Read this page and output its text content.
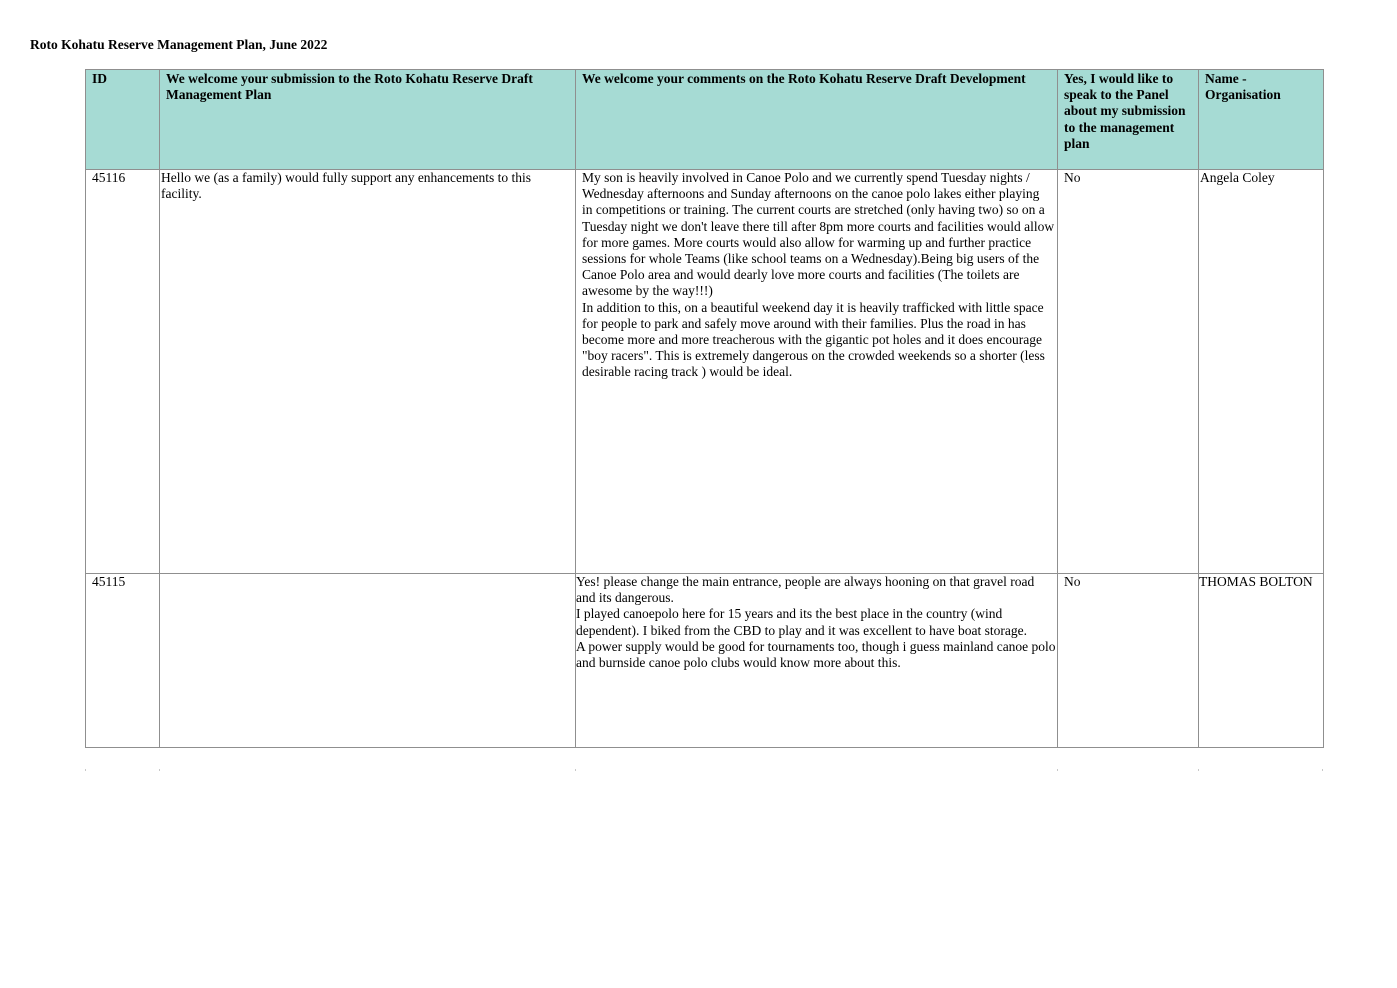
Roto Kohatu Reserve Management Plan, June 2022
ID	We welcome your submission to the Roto Kohatu Reserve Draft Management Plan	We welcome your comments on the Roto Kohatu Reserve Draft Development	Yes, I would like to speak to the Panel about my submission to the management plan	Name - Organisation
45116	Hello we (as a family) would fully support any enhancements to this facility.	My son is heavily involved in Canoe Polo and we currently spend Tuesday nights / Wednesday afternoons and Sunday afternoons on the canoe polo lakes either playing
in competitions or training. The current courts are stretched (only having two) so on a Tuesday night we don't leave there till after 8pm more courts and facilities would allow for more games. More courts would also allow for warming up and further practice
sessions for whole Teams (like school teams on a Wednesday).Being big users of the Canoe Polo area and would dearly love more courts and facilities (The toilets are awesome by the way!!!)
In addition to this, on a beautiful weekend day it is heavily trafficked with little space for people to park and safely move around with their families. Plus the road in has become more and more treacherous with the gigantic pot holes and it does encourage "boy racers". This is extremely dangerous on the crowded weekends so a shorter (less desirable racing track ) would be ideal.	No	Angela Coley
45115		Yes! please change the main entrance, people are always hooning on that gravel road and its dangerous.
I played canoepolo here for 15 years and its the best place in the country (wind dependent). I biked from the CBD to play and it was excellent to have boat storage.
A power supply would be good for tournaments too, though i guess mainland canoe polo and burnside canoe polo clubs would know more about this.	No	THOMAS BOLTON
